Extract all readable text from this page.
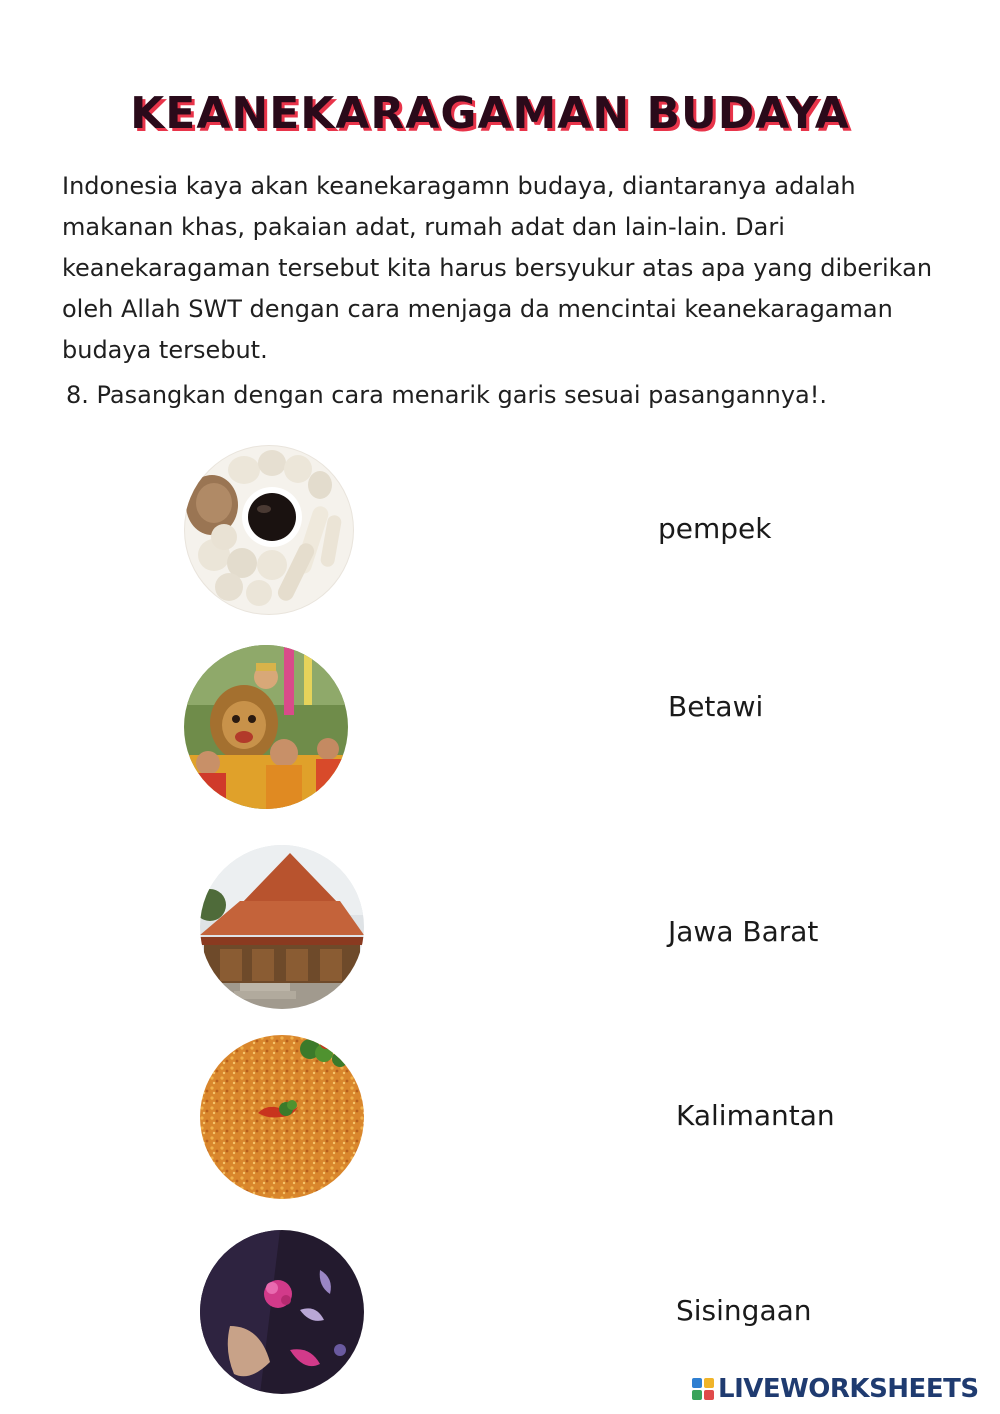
KEANEKARAGAMAN BUDAYA
Indonesia kaya akan keanekaragamn budaya, diantaranya adalah makanan khas, pakaian adat, rumah adat dan lain-lain. Dari keanekaragaman tersebut kita harus bersyukur atas apa yang diberikan oleh Allah SWT dengan cara menjaga da mencintai keanekaragaman budaya tersebut.
8. Pasangkan dengan cara menarik garis sesuai pasangannya!.
pempek
Betawi
Jawa Barat
Kalimantan
Sisingaan
LIVEWORKSHEETS
